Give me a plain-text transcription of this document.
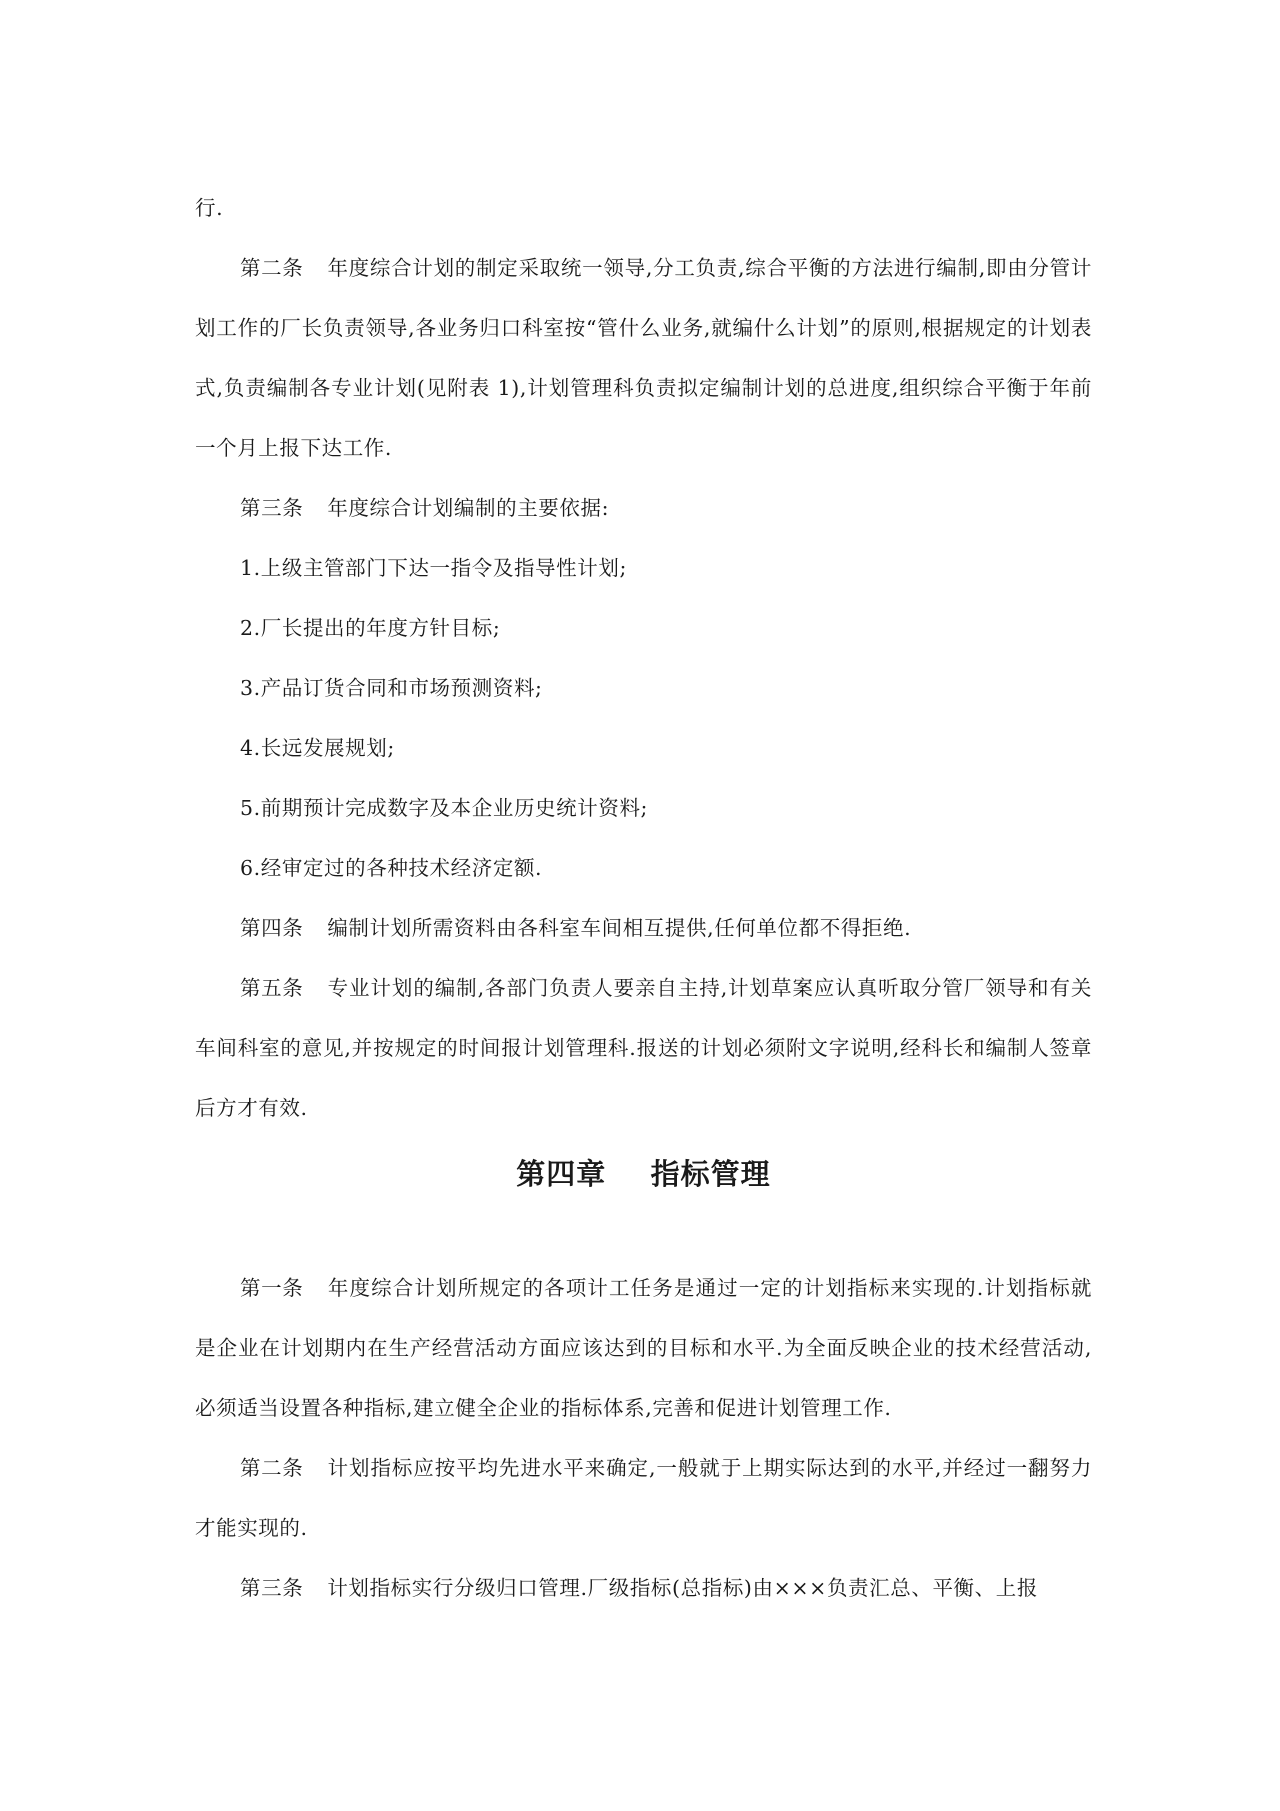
行.

第二条 年度综合计划的制定采取统一领导,分工负责,综合平衡的方法进行编制,即由分管计划工作的厂长负责领导,各业务归口科室按“管什么业务,就编什么计划”的原则,根据规定的计划表式,负责编制各专业计划(见附表 1),计划管理科负责拟定编制计划的总进度,组织综合平衡于年前一个月上报下达工作.

第三条 年度综合计划编制的主要依据:

1.上级主管部门下达一指令及指导性计划;

2.厂长提出的年度方针目标;

3.产品订货合同和市场预测资料;

4.长远发展规划;

5.前期预计完成数字及本企业历史统计资料;

6.经审定过的各种技术经济定额.

第四条 编制计划所需资料由各科室车间相互提供,任何单位都不得拒绝.

第五条 专业计划的编制,各部门负责人要亲自主持,计划草案应认真听取分管厂领导和有关车间科室的意见,并按规定的时间报计划管理科.报送的计划必须附文字说明,经科长和编制人签章后方才有效.

第四章    指标管理

第一条 年度综合计划所规定的各项计工任务是通过一定的计划指标来实现的.计划指标就是企业在计划期内在生产经营活动方面应该达到的目标和水平.为全面反映企业的技术经营活动,必须适当设置各种指标,建立健全企业的指标体系,完善和促进计划管理工作.

第二条 计划指标应按平均先进水平来确定,一般就于上期实际达到的水平,并经过一翻努力才能实现的.

第三条 计划指标实行分级归口管理.厂级指标(总指标)由×××负责汇总、平衡、上报
